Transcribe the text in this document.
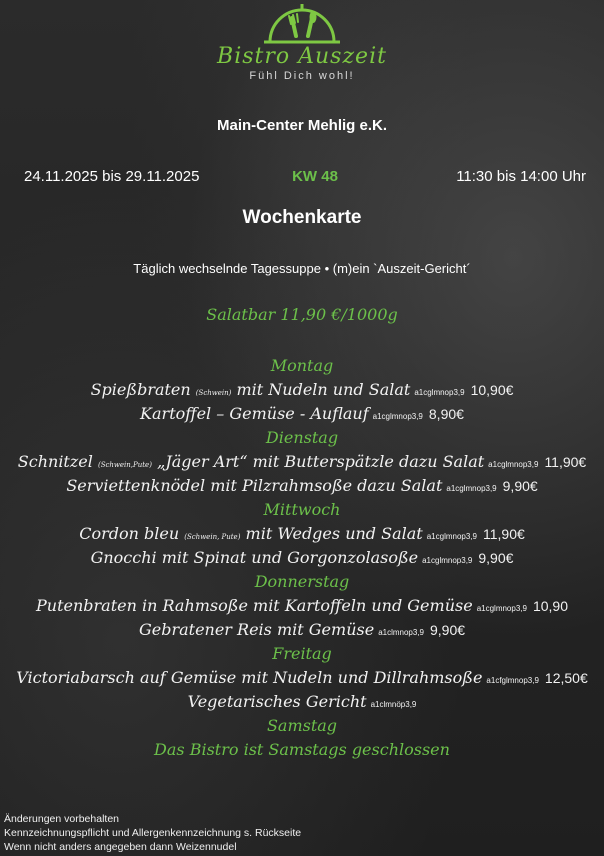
Bistro Auszeit
Fühl Dich wohl!
Main-Center Mehlig e.K.
24.11.2025 bis 29.11.2025	KW 48	11:30 bis 14:00 Uhr
Wochenkarte
Täglich wechselnde Tagessuppe • (m)ein `Auszeit-Gericht´
Salatbar 11,90 €/1000g
Montag
Spießbraten (Schwein) mit Nudeln und Salat a1cglmnop3,9 10,90€
Kartoffel – Gemüse - Auflauf a1cglmnop3,9 8,90€
Dienstag
Schnitzel (Schwein,Pute) „Jäger Art“ mit Butterspätzle dazu Salat a1cglmnop3,9 11,90€
Serviettenknödel mit Pilzrahmsoße dazu Salat a1cglmnop3,9 9,90€
Mittwoch
Cordon bleu (Schwein, Pute) mit Wedges und Salat a1cglmnop3,9 11,90€
Gnocchi mit Spinat und Gorgonzolasoße a1cglmnop3,9 9,90€
Donnerstag
Putenbraten in Rahmsoße mit Kartoffeln und Gemüse a1cglmnop3,9 10,90
Gebratener Reis mit Gemüse a1clmnop3,9 9,90€
Freitag
Victoriabarsch auf Gemüse mit Nudeln und Dillrahmsoße a1cfglmnop3,9 12,50€
Vegetarisches Gericht a1clmnöp3,9
Samstag
Das Bistro ist Samstags geschlossen
Änderungen vorbehalten
Kennzeichnungspflicht und Allergenkennzeichnung s. Rückseite
Wenn nicht anders angegeben dann Weizennudel
